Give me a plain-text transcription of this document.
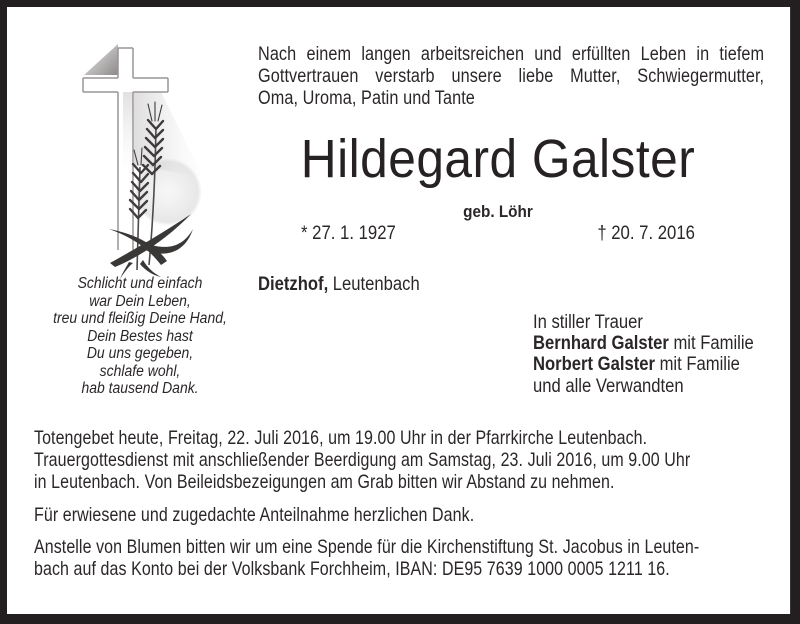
Nach einem langen arbeitsreichen und erfüllten Leben in tiefem
Gottvertrauen verstarb unsere liebe Mutter, Schwiegermutter,
Oma, Uroma, Patin und Tante
Hildegard Galster
geb. Löhr
* 27. 1. 1927	† 20. 7. 2016
Dietzhof, Leutenbach
Schlicht und einfach
war Dein Leben,
treu und fleißig Deine Hand,
Dein Bestes hast
Du uns gegeben,
schlafe wohl,
hab tausend Dank.
In stiller Trauer
Bernhard Galster mit Familie
Norbert Galster mit Familie
und alle Verwandten
Totengebet heute, Freitag, 22. Juli 2016, um 19.00 Uhr in der Pfarrkirche Leutenbach.
Trauergottesdienst mit anschließender Beerdigung am Samstag, 23. Juli 2016, um 9.00 Uhr
in Leutenbach. Von Beileidsbezeigungen am Grab bitten wir Abstand zu nehmen.
Für erwiesene und zugedachte Anteilnahme herzlichen Dank.
Anstelle von Blumen bitten wir um eine Spende für die Kirchenstiftung St. Jacobus in Leuten-
bach auf das Konto bei der Volksbank Forchheim, IBAN: DE95 7639 1000 0005 1211 16.
